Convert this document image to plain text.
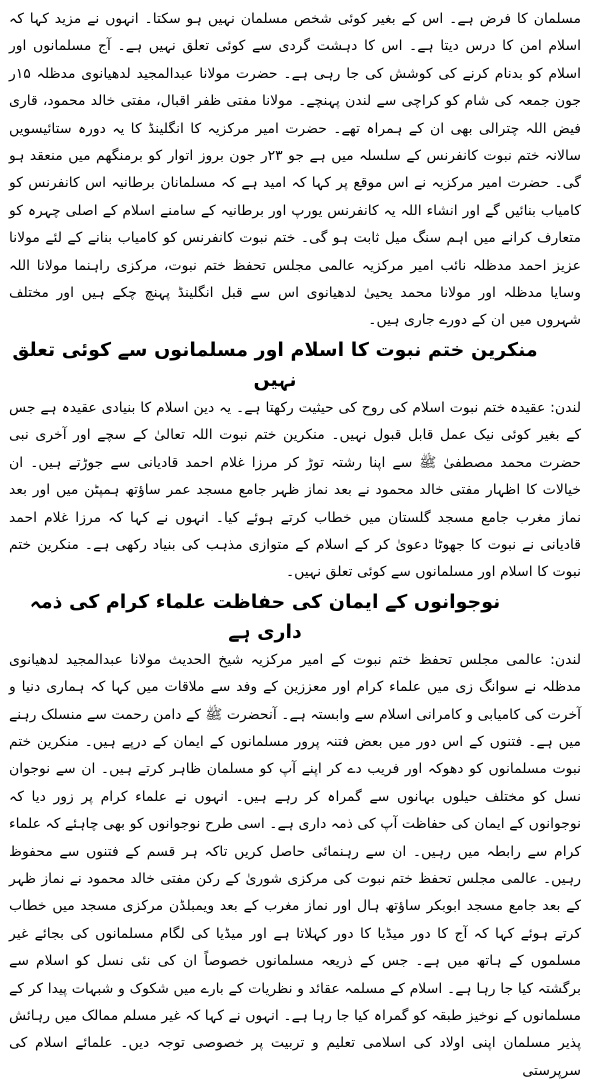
مسلمان کا فرض ہے۔ اس کے بغیر کوئی شخص مسلمان نہیں ہو سکتا۔ انہوں نے مزید کہا کہ اسلام امن کا درس دیتا ہے۔ اس کا دہشت گردی سے کوئی تعلق نہیں ہے۔ آج مسلمانوں اور اسلام کو بدنام کرنے کی کوشش کی جا رہی ہے۔ حضرت مولانا عبدالمجید لدھیانوی مدظلہ ۱۵ر جون جمعہ کی شام کو کراچی سے لندن پہنچے۔ مولانا مفتی ظفر اقبال، مفتی خالد محمود، قاری فیض اللہ چترالی بھی ان کے ہمراہ تھے۔ حضرت امیر مرکزیہ کا انگلینڈ کا یہ دورہ ستائیسویں سالانہ ختم نبوت کانفرنس کے سلسلہ میں ہے جو ۲۳ر جون بروز اتوار کو برمنگھم میں منعقد ہو گی۔ حضرت امیر مرکزیہ نے اس موقع پر کہا کہ امید ہے کہ مسلمانان برطانیہ اس کانفرنس کو کامیاب بنائیں گے اور انشاء اللہ یہ کانفرنس یورپ اور برطانیہ کے سامنے اسلام کے اصلی چہرہ کو متعارف کرانے میں اہم سنگ میل ثابت ہو گی۔ ختم نبوت کانفرنس کو کامیاب بنانے کے لئے مولانا عزیز احمد مدظلہ نائب امیر مرکزیہ عالمی مجلس تحفظ ختم نبوت، مرکزی راہنما مولانا اللہ وسایا مدظلہ اور مولانا محمد یحییٰ لدھیانوی اس سے قبل انگلینڈ پہنچ چکے ہیں اور مختلف شہروں میں ان کے دورے جاری ہیں۔

منکرین ختم نبوت کا اسلام اور مسلمانوں سے کوئی تعلق نہیں

لندن: عقیدہ ختم نبوت اسلام کی روح کی حیثیت رکھتا ہے۔ یہ دین اسلام کا بنیادی عقیدہ ہے جس کے بغیر کوئی نیک عمل قابل قبول نہیں۔ منکرین ختم نبوت اللہ تعالیٰ کے سچے اور آخری نبی حضرت محمد مصطفیٰ ﷺ سے اپنا رشتہ توڑ کر مرزا غلام احمد قادیانی سے جوڑتے ہیں۔ ان خیالات کا اظہار مفتی خالد محمود نے بعد نماز ظہر جامع مسجد عمر ساؤتھ ہمپٹن میں اور بعد نماز مغرب جامع مسجد گلستان میں خطاب کرتے ہوئے کیا۔ انہوں نے کہا کہ مرزا غلام احمد قادیانی نے نبوت کا جھوٹا دعویٰ کر کے اسلام کے متوازی مذہب کی بنیاد رکھی ہے۔ منکرین ختم نبوت کا اسلام اور مسلمانوں سے کوئی تعلق نہیں۔

نوجوانوں کے ایمان کی حفاظت علماء کرام کی ذمہ داری ہے

لندن: عالمی مجلس تحفظ ختم نبوت کے امیر مرکزیہ شیخ الحدیث مولانا عبدالمجید لدھیانوی مدظلہ نے سوانگ زی میں علماء کرام اور معززین کے وفد سے ملاقات میں کہا کہ ہماری دنیا و آخرت کی کامیابی و کامرانی اسلام سے وابستہ ہے۔ آنحضرت ﷺ کے دامن رحمت سے منسلک رہنے میں ہے۔ فتنوں کے اس دور میں بعض فتنہ پرور مسلمانوں کے ایمان کے درپے ہیں۔ منکرین ختم نبوت مسلمانوں کو دھوکہ اور فریب دے کر اپنے آپ کو مسلمان ظاہر کرتے ہیں۔ ان سے نوجوان نسل کو مختلف حیلوں بہانوں سے گمراہ کر رہے ہیں۔ انہوں نے علماء کرام پر زور دیا کہ نوجوانوں کے ایمان کی حفاظت آپ کی ذمہ داری ہے۔ اسی طرح نوجوانوں کو بھی چاہئے کہ علماء کرام سے رابطہ میں رہیں۔ ان سے رہنمائی حاصل کریں تاکہ ہر قسم کے فتنوں سے محفوظ رہیں۔ عالمی مجلس تحفظ ختم نبوت کی مرکزی شوریٰ کے رکن مفتی خالد محمود نے نماز ظہر کے بعد جامع مسجد ابوبکر ساؤتھ ہال اور نماز مغرب کے بعد ویمبلڈن مرکزی مسجد میں خطاب کرتے ہوئے کہا کہ آج کا دور میڈیا کا دور کہلاتا ہے اور میڈیا کی لگام مسلمانوں کی بجائے غیر مسلموں کے ہاتھ میں ہے۔ جس کے ذریعہ مسلمانوں خصوصاً ان کی نئی نسل کو اسلام سے برگشتہ کیا جا رہا ہے۔ اسلام کے مسلمہ عقائد و نظریات کے بارے میں شکوک و شبہات پیدا کر کے مسلمانوں کے نوخیز طبقہ کو گمراہ کیا جا رہا ہے۔ انہوں نے کہا کہ غیر مسلم ممالک میں رہائش پذیر مسلمان اپنی اولاد کی اسلامی تعلیم و تربیت پر خصوصی توجہ دیں۔ علمائے اسلام کی سرپرستی
